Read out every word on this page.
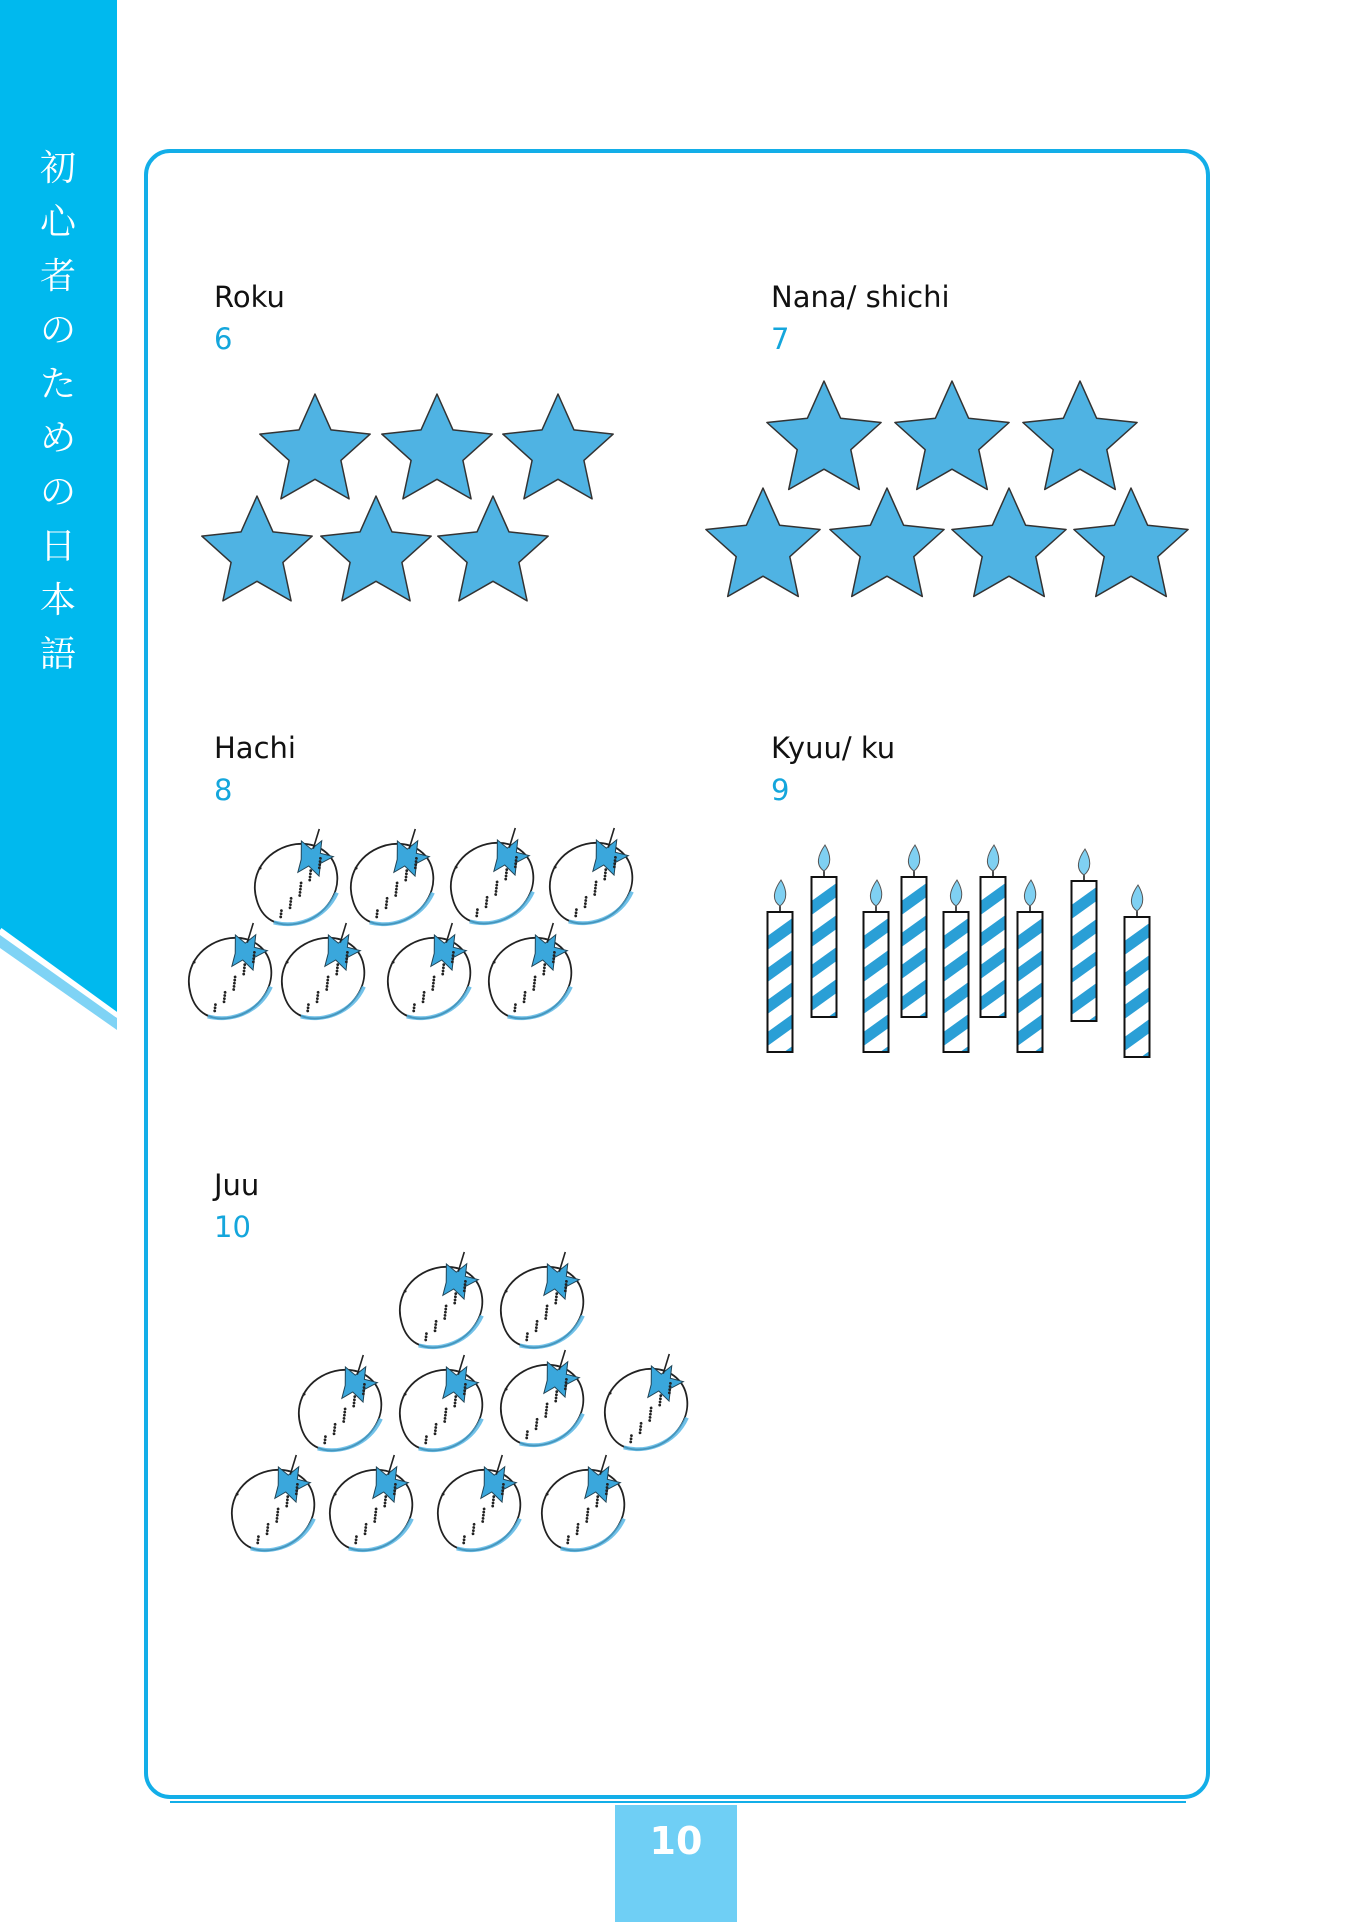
初心者のための日本語
Roku
6
Nana/ shichi
7
Hachi
8
Kyuu/ ku
9
Juu
10
10
